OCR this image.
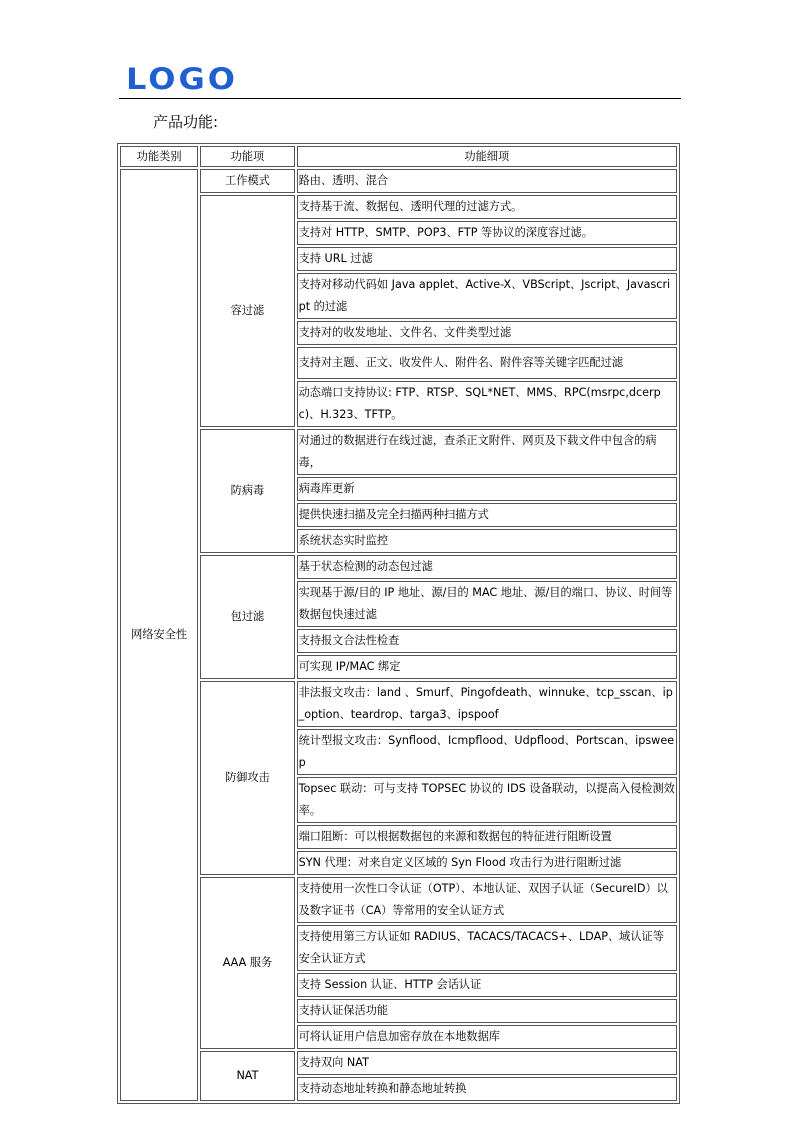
LOGO
产品功能:
功能类别	功能项	功能细项
网络安全性	工作模式	路由、透明、混合
	容过滤	支持基于流、数据包、透明代理的过滤方式。
		支持对 HTTP、SMTP、POP3、FTP 等协议的深度容过滤。
		支持 URL 过滤
		支持对移动代码如 Java applet、Active-X、VBScript、Jscript、Javascript 的过滤
		支持对的收发地址、文件名、文件类型过滤
		支持对主题、正文、收发件人、附件名、附件容等关键字匹配过滤
		动态端口支持协议: FTP、RTSP、SQL*NET、MMS、RPC(msrpc,dcerpc)、H.323、TFTP。
	防病毒	对通过的数据进行在线过滤，查杀正文附件、网页及下载文件中包含的病毒，
		病毒库更新
		提供快速扫描及完全扫描两种扫描方式
		系统状态实时监控
	包过滤	基于状态检测的动态包过滤
		实现基于源/目的 IP 地址、源/目的 MAC 地址、源/目的端口、协议、时间等数据包快速过滤
		支持报文合法性检查
		可实现 IP/MAC 绑定
	防御攻击	非法报文攻击：land 、Smurf、Pingofdeath、winnuke、tcp_sscan、ip_option、teardrop、targa3、ipspoof
		统计型报文攻击：Synflood、Icmpflood、Udpflood、Portscan、ipsweep
		Topsec 联动：可与支持 TOPSEC 协议的 IDS 设备联动，以提高入侵检测效率。
		端口阻断：可以根据数据包的来源和数据包的特征进行阻断设置
		SYN 代理：对来自定义区域的 Syn Flood 攻击行为进行阻断过滤
	AAA 服务	支持使用一次性口令认证（OTP）、本地认证、双因子认证（SecureID）以及数字证书（CA）等常用的安全认证方式
		支持使用第三方认证如 RADIUS、TACACS/TACACS+、LDAP、域认证等安全认证方式
		支持 Session 认证、HTTP 会话认证
		支持认证保活功能
		可将认证用户信息加密存放在本地数据库
	NAT	支持双向 NAT
		支持动态地址转换和静态地址转换
